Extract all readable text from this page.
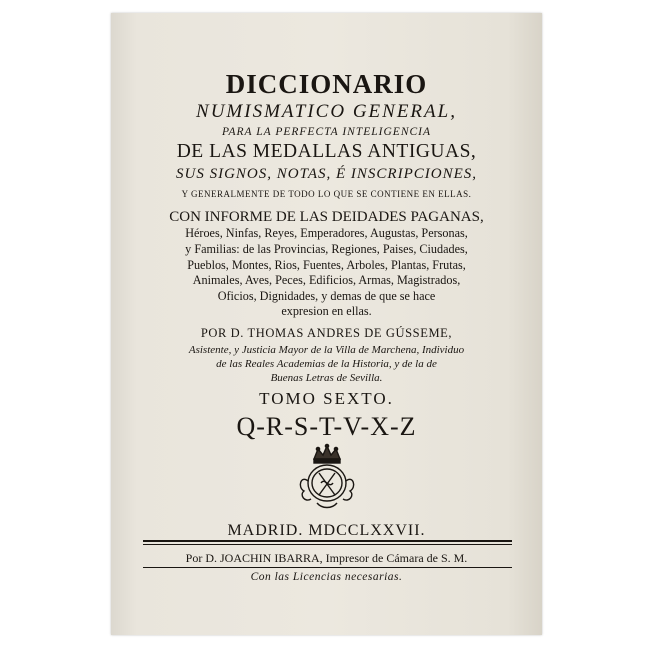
DICCIONARIO
NUMISMATICO GENERAL,
PARA LA PERFECTA INTELIGENCIA
DE LAS MEDALLAS ANTIGUAS,
SUS SIGNOS, NOTAS, É INSCRIPCIONES,
Y GENERALMENTE DE TODO LO QUE SE CONTIENE EN ELLAS.
CON INFORME DE LAS DEIDADES PAGANAS,
Héroes, Ninfas, Reyes, Emperadores, Augustas, Personas,
y Familias: de las Provincias, Regiones, Paises, Ciudades,
Pueblos, Montes, Rios, Fuentes, Arboles, Plantas, Frutas,
Animales, Aves, Peces, Edificios, Armas, Magistrados,
Oficios, Dignidades, y demas de que se hace
expresion en ellas.
POR D. THOMAS ANDRES DE GÚSSEME,
Asistente, y Justicia Mayor de la Villa de Marchena, Individuo
de las Reales Academias de la Historia, y de la de
Buenas Letras de Sevilla.
TOMO SEXTO.
Q-R-S-T-V-X-Z
MADRID. MDCCLXXVII.
Por D. JOACHIN IBARRA, Impresor de Cámara de S. M.
Con las Licencias necesarias.
